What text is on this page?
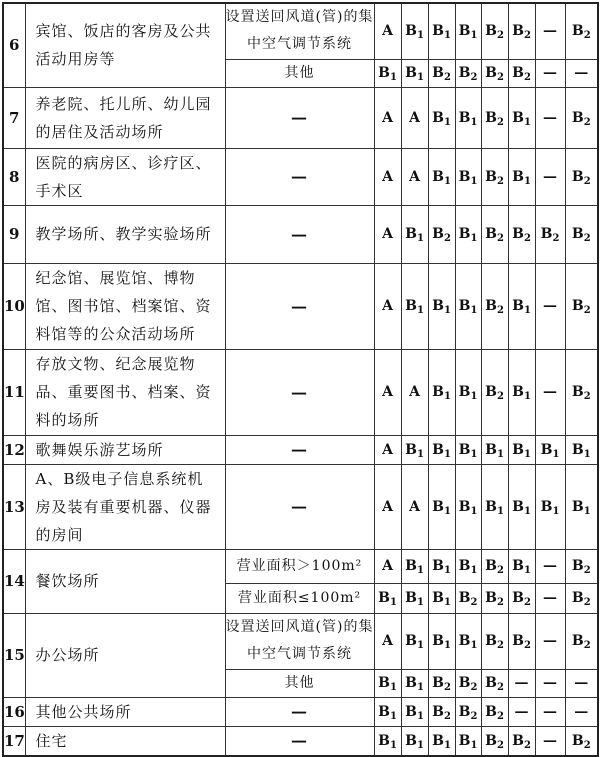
6	宾馆、饭店的客房及公共活动用房等	设置送回风道(管)的集中空气调节系统	A	$B_1$	$B_1$	$B_1$	$B_2$	$B_2$	—	$B_2$
		其他	$B_1$	$B_1$	$B_2$	$B_2$	$B_2$	$B_2$	—	—
7	养老院、托儿所、幼儿园的居住及活动场所	—	A	A	$B_1$	$B_1$	$B_2$	$B_1$	—	$B_2$
8	医院的病房区、诊疗区、手术区	—	A	A	$B_1$	$B_1$	$B_2$	$B_1$	—	$B_2$
9	教学场所、教学实验场所	—	A	$B_1$	$B_2$	$B_1$	$B_2$	$B_2$	$B_2$	$B_2$
10	纪念馆、展览馆、博物馆、图书馆、档案馆、资料馆等的公众活动场所	—	A	$B_1$	$B_1$	$B_1$	$B_2$	$B_1$	—	$B_2$
11	存放文物、纪念展览物品、重要图书、档案、资料的场所	—	A	A	$B_1$	$B_1$	$B_2$	$B_1$	—	$B_2$
12	歌舞娱乐游艺场所	—	A	$B_1$	$B_1$	$B_1$	$B_1$	$B_1$	$B_1$	$B_1$
13	A、B级电子信息系统机房及装有重要机器、仪器的房间	—	A	A	$B_1$	$B_1$	$B_1$	$B_1$	$B_1$	$B_1$
14	餐饮场所	营业面积＞100m²	A	$B_1$	$B_1$	$B_1$	$B_2$	$B_1$	—	$B_2$
		营业面积≤100m²	$B_1$	$B_1$	$B_1$	$B_2$	$B_2$	$B_2$	—	$B_2$
15	办公场所	设置送回风道(管)的集中空气调节系统	A	$B_1$	$B_1$	$B_1$	$B_2$	$B_2$	—	$B_2$
		其他	$B_1$	$B_1$	$B_2$	$B_2$	$B_2$	—	—	—
16	其他公共场所	—	$B_1$	$B_1$	$B_2$	$B_2$	$B_2$	—	—	—
17	住宅	—	$B_1$	$B_1$	$B_1$	$B_1$	$B_2$	$B_2$	—	$B_2$
